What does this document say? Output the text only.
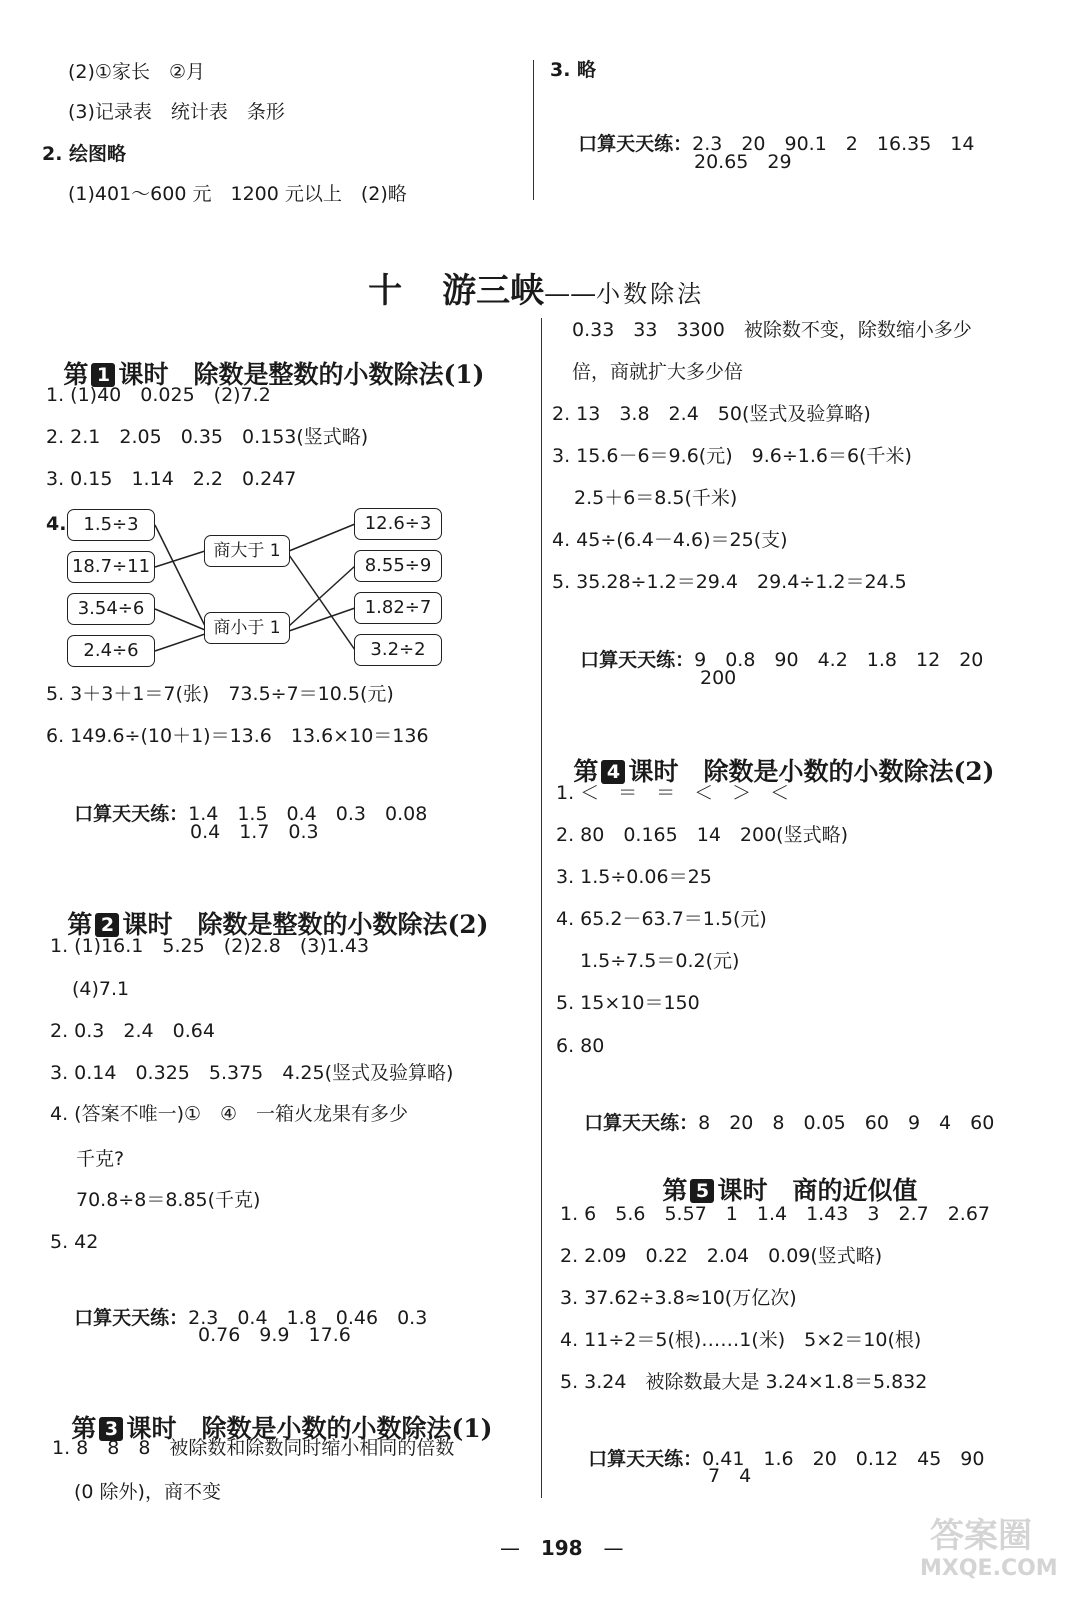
(2)①家长　②月
(3)记录表　统计表　条形
2. 绘图略
(1)401～600 元　1200 元以上　(2)略
3. 略

口算天天练：2.3　20　90.1　2　16.35　14

20.65　29

十 游三峡——小数除法

第 1 课时　除数是整数的小数除法(1)

1. (1)40　0.025　(2)7.2
2. 2.1　2.05　0.35　0.153(竖式略)
3. 0.15　1.14　2.2　0.247
4. 1.5÷3
18.7÷11
3.54÷6
2.4÷6
商大于 1
商小于 1
12.6÷3
8.55÷9
1.82÷7
3.2÷2
5. 3＋3＋1＝7(张)　73.5÷7＝10.5(元)
6. 149.6÷(10＋1)＝13.6　13.6×10＝136

口算天天练：1.4　1.5　0.4　0.3　0.08

0.4　1.7　0.3

第 2 课时　除数是整数的小数除法(2)

1. (1)16.1　5.25　(2)2.8　(3)1.43
(4)7.1
2. 0.3　2.4　0.64
3. 0.14　0.325　5.375　4.25(竖式及验算略)
4. (答案不唯一)①　④　一箱火龙果有多少
千克?
70.8÷8＝8.85(千克)
5. 42

口算天天练：2.3　0.4　1.8　0.46　0.3

0.76　9.9　17.6

第 3 课时　除数是小数的小数除法(1)

1. 8　8　8　被除数和除数同时缩小相同的倍数
(0 除外)，商不变
0.33　33　3300　被除数不变，除数缩小多少
倍，商就扩大多少倍
2. 13　3.8　2.4　50(竖式及验算略)
3. 15.6－6＝9.6(元)　9.6÷1.6＝6(千米)
2.5＋6＝8.5(千米)
4. 45÷(6.4－4.6)＝25(支)
5. 35.28÷1.2＝29.4　29.4÷1.2＝24.5

口算天天练：9　0.8　90　4.2　1.8　12　20

200

第 4 课时　除数是小数的小数除法(2)

1. ＜　＝　＝　＜　＞　＜
2. 80　0.165　14　200(竖式略)
3. 1.5÷0.06＝25
4. 65.2－63.7＝1.5(元)
1.5÷7.5＝0.2(元)
5. 15×10＝150
6. 80

口算天天练：8　20　8　0.05　60　9　4　60

第 5 课时　商的近似值

1. 6　5.6　5.57　1　1.4　1.43　3　2.7　2.67
2. 2.09　0.22　2.04　0.09(竖式略)
3. 37.62÷3.8≈10(万亿次)
4. 11÷2＝5(根)……1(米)　5×2＝10(根)
5. 3.24　被除数最大是 3.24×1.8＝5.832

口算天天练：0.41　1.6　20　0.12　45　90

7　4

— 198 —	答案圈
MXQE.COM
